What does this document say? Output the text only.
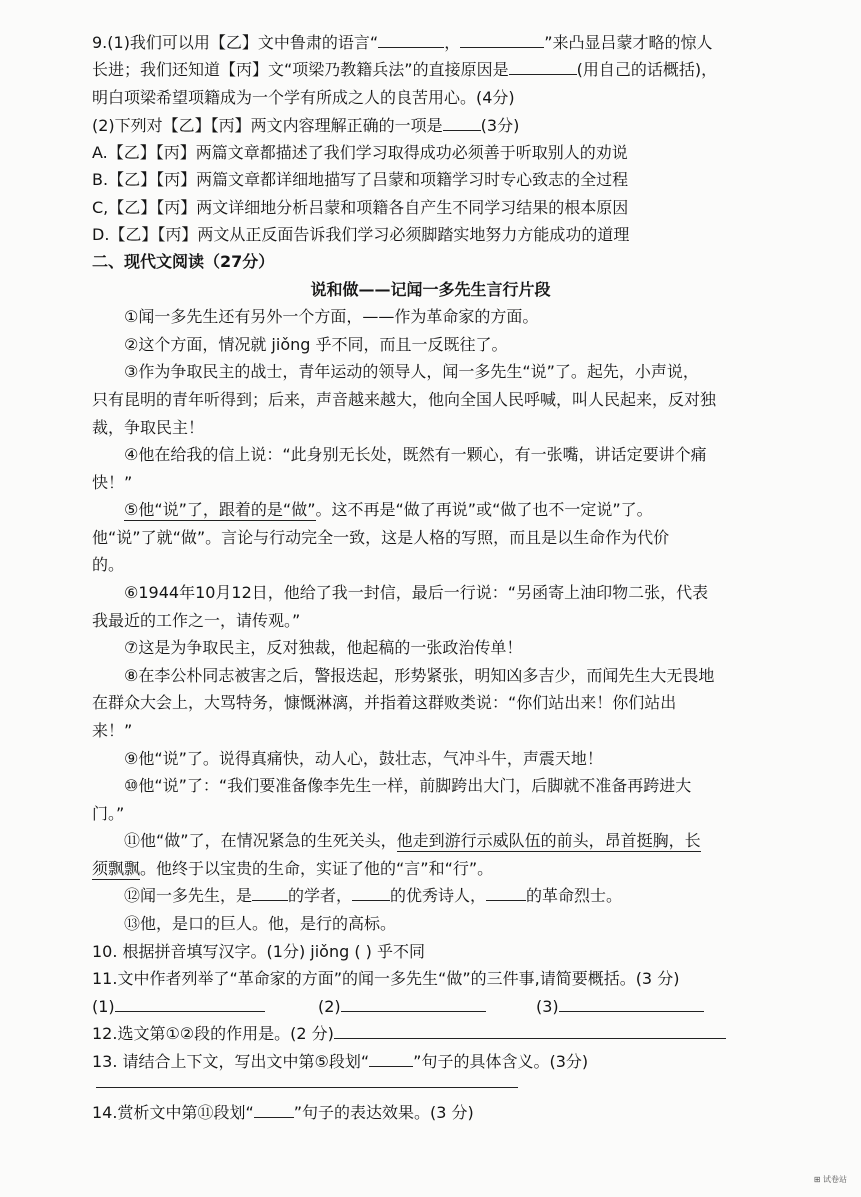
9.(1)我们可以用【乙】文中鲁肃的语言“	，	”来凸显吕蒙才略的惊人
长进；我们还知道【丙】文“项梁乃教籍兵法”的直接原因是	(用自己的话概括)，
明白项梁希望项籍成为一个学有所成之人的良苦用心。(4分)
(2)下列对【乙】【丙】两文内容理解正确的一项是 (3分)
A.【乙】【丙】两篇文章都描述了我们学习取得成功必须善于听取别人的劝说
B.【乙】【丙】两篇文章都详细地描写了吕蒙和项籍学习时专心致志的全过程
C,【乙】【丙】两文详细地分析吕蒙和项籍各自产生不同学习结果的根本原因
D.【乙】【丙】两文从正反面告诉我们学习必须脚踏实地努力方能成功的道理
二、现代文阅读（27分）
说和做——记闻一多先生言行片段
①闻一多先生还有另外一个方面，——作为革命家的方面。
②这个方面，情况就 jiǒng 乎不同，而且一反既往了。
③作为争取民主的战士，青年运动的领导人，闻一多先生“说”了。起先，小声说，
只有昆明的青年听得到；后来，声音越来越大，他向全国人民呼喊，叫人民起来，反对独
裁，争取民主！
④他在给我的信上说：“此身别无长处，既然有一颗心，有一张嘴，讲话定要讲个痛
快！”
⑤他“说”了，跟着的是“做”。这不再是“做了再说”或“做了也不一定说”了。
他“说”了就“做”。言论与行动完全一致，这是人格的写照，而且是以生命作为代价
的。
⑥1944年10月12日，他给了我一封信，最后一行说：“另函寄上油印物二张，代表
我最近的工作之一，请传观。”
⑦这是为争取民主，反对独裁，他起稿的一张政治传单！
⑧在李公朴同志被害之后，警报迭起，形势紧张，明知凶多吉少，而闻先生大无畏地
在群众大会上，大骂特务，慷慨淋漓，并指着这群败类说：“你们站出来！你们站出
来！”
⑨他“说”了。说得真痛快，动人心，鼓壮志，气冲斗牛，声震天地！
⑩他“说”了：“我们要准备像李先生一样，前脚跨出大门，后脚就不准备再跨进大
门。”
⑪他“做”了，在情况紧急的生死关头，他走到游行示威队伍的前头，昂首挺胸，长
须飘飘。他终于以宝贵的生命，实证了他的“言”和“行”。
⑫闻一多先生，是 的学者， 的优秀诗人，	的革命烈士。
⑬他，是口的巨人。他，是行的高标。
10. 根据拼音填写汉字。(1分) jiǒng ( ) 乎不同
11.文中作者列举了“革命家的方面”的闻一多先生“做”的三件事,请简要概括。(3 分)
(1)	(2)	(3)
12.选文第①②段的作用是。(2 分)
13. 请结合上下文，写出文中第⑤段划“	”句子的具体含义。(3分)
14.赏析文中第⑪段划“	”句子的表达效果。(3 分)
⊞ 试卷站
